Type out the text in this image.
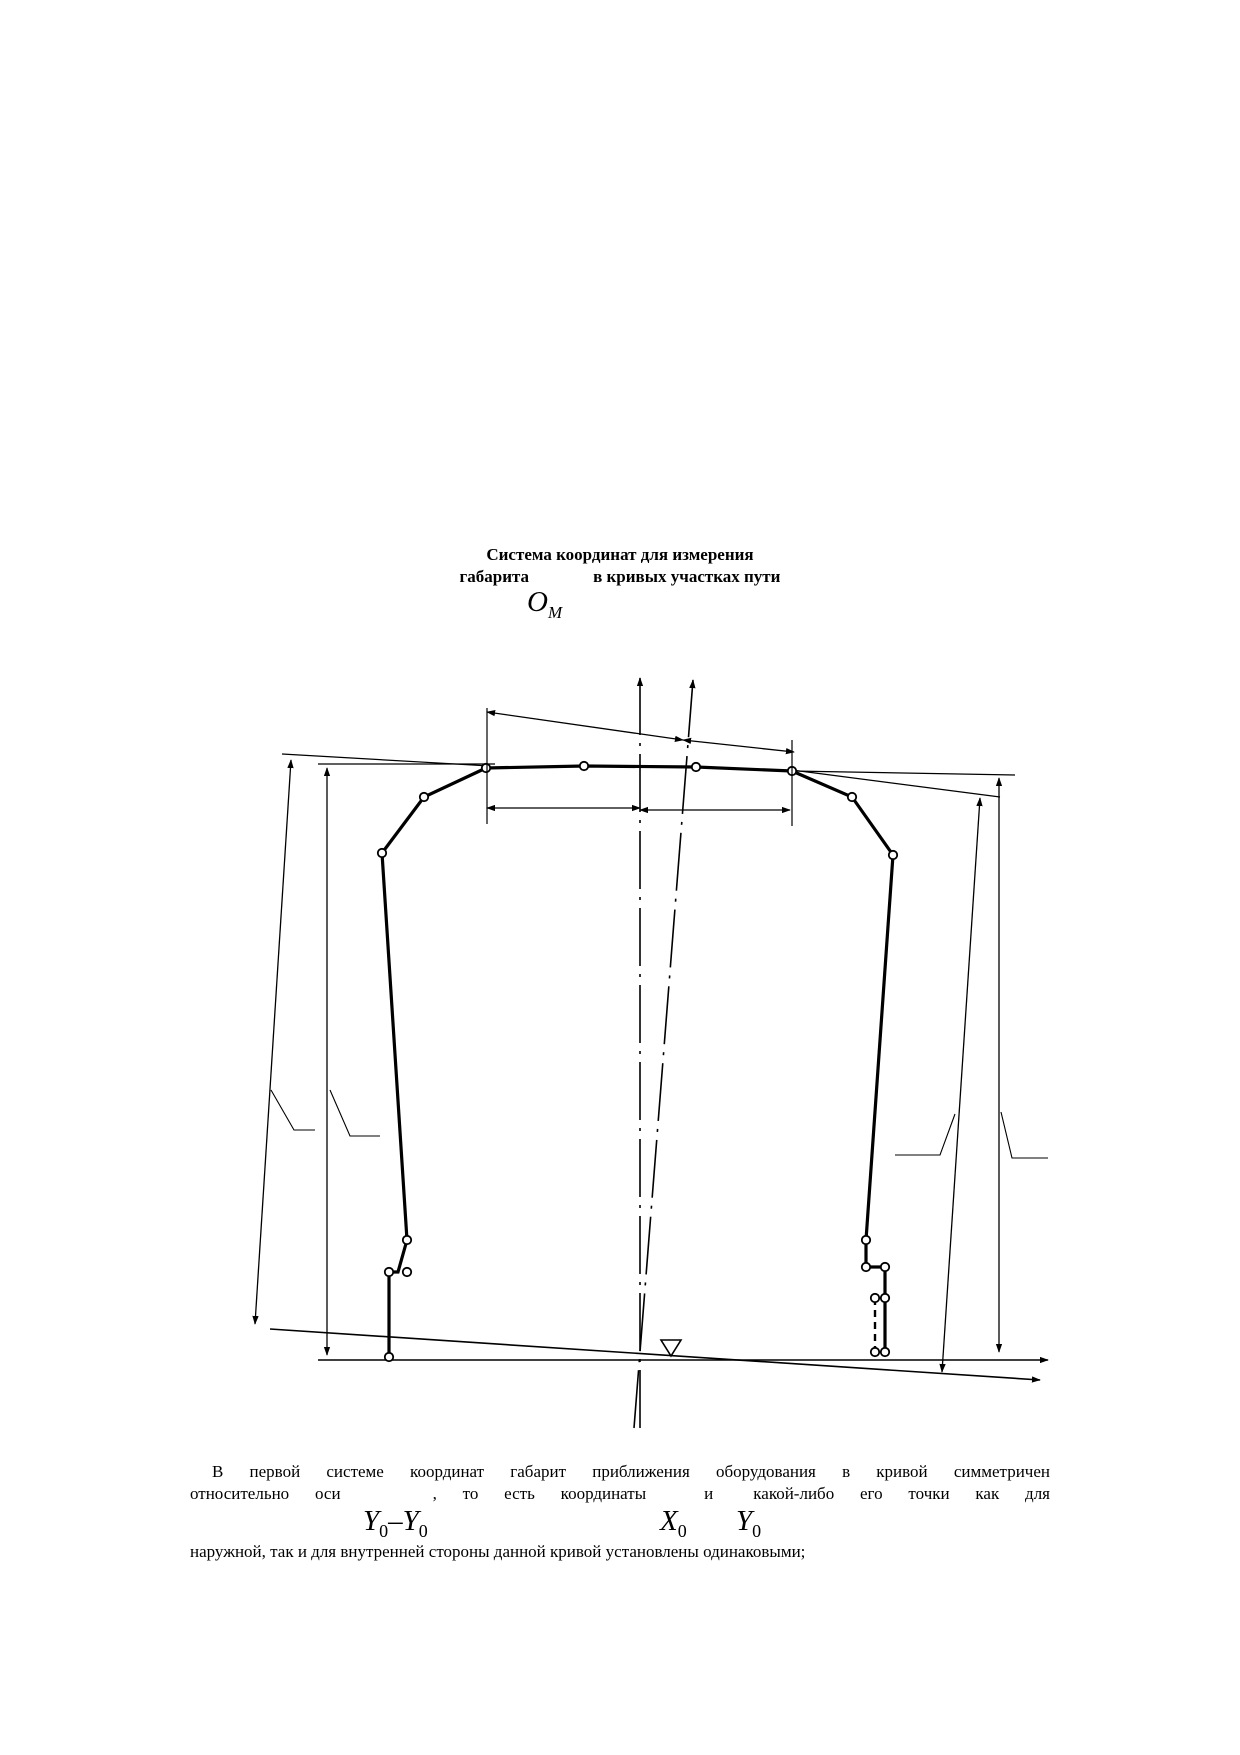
Система координат для измерения
габарита	в кривых участках пути
$O_М$
В первой системе координат габарит приближения оборудования в кривой симметричен
относительно оси	, то есть координаты	и какой-либо его точки как для
$Y_0-Y_0$	$X_0$ $Y_0$
наружной, так и для внутренней стороны данной кривой установлены одинаковыми;
